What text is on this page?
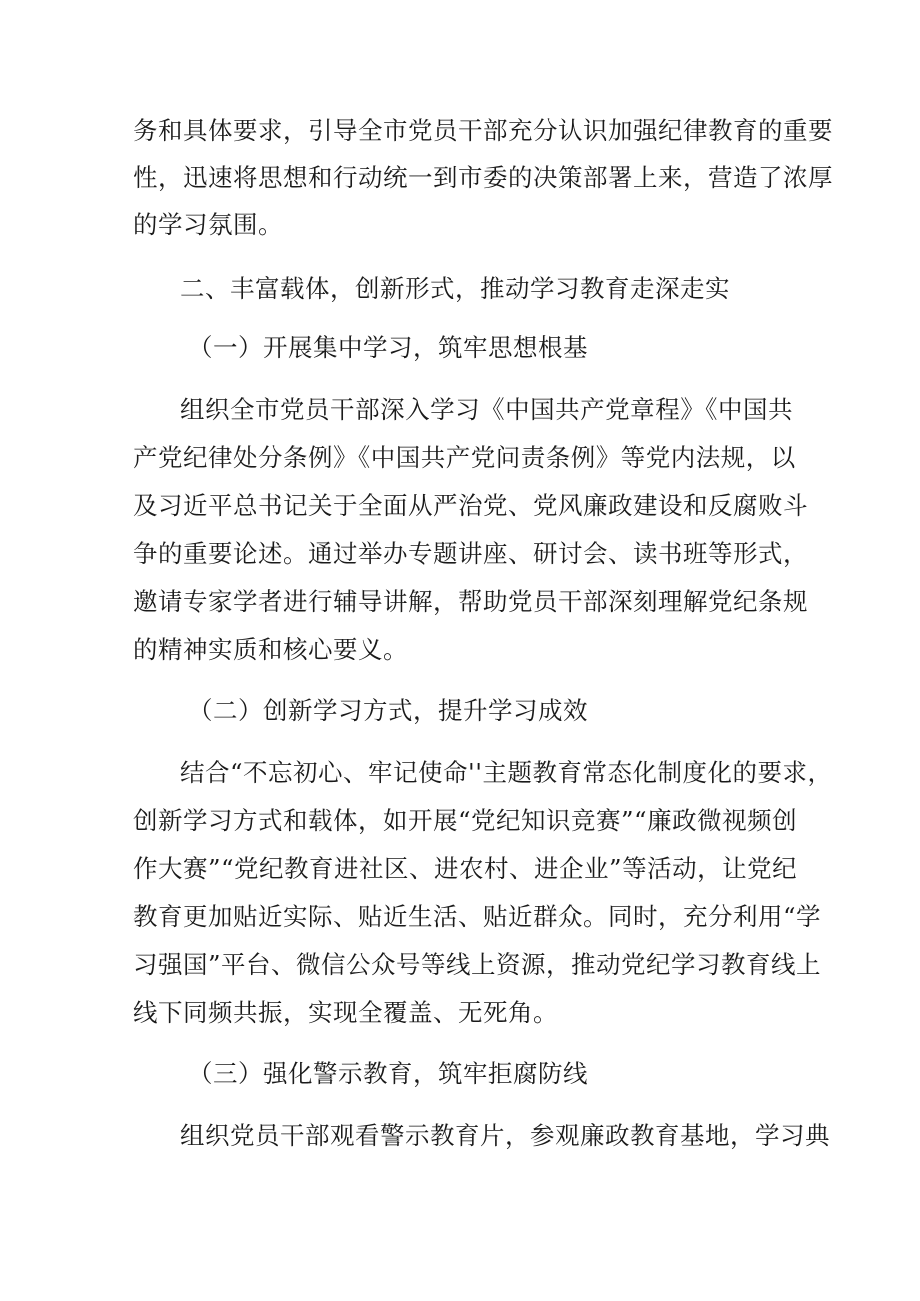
务和具体要求，引导全市党员干部充分认识加强纪律教育的重要
性，迅速将思想和行动统一到市委的决策部署上来，营造了浓厚
的学习氛围。
二、丰富载体，创新形式，推动学习教育走深走实
（一）开展集中学习，筑牢思想根基
组织全市党员干部深入学习《中国共产党章程》《中国共
产党纪律处分条例》《中国共产党问责条例》等党内法规，以
及习近平总书记关于全面从严治党、党风廉政建设和反腐败斗
争的重要论述。通过举办专题讲座、研讨会、读书班等形式，
邀请专家学者进行辅导讲解，帮助党员干部深刻理解党纪条规
的精神实质和核心要义。
（二）创新学习方式，提升学习成效
结合“不忘初心、牢记使命''主题教育常态化制度化的要求，
创新学习方式和载体，如开展“党纪知识竞赛”“廉政微视频创
作大赛”“党纪教育进社区、进农村、进企业”等活动，让党纪
教育更加贴近实际、贴近生活、贴近群众。同时，充分利用“学
习强国”平台、微信公众号等线上资源，推动党纪学习教育线上
线下同频共振，实现全覆盖、无死角。
（三）强化警示教育，筑牢拒腐防线
组织党员干部观看警示教育片，参观廉政教育基地，学习典
